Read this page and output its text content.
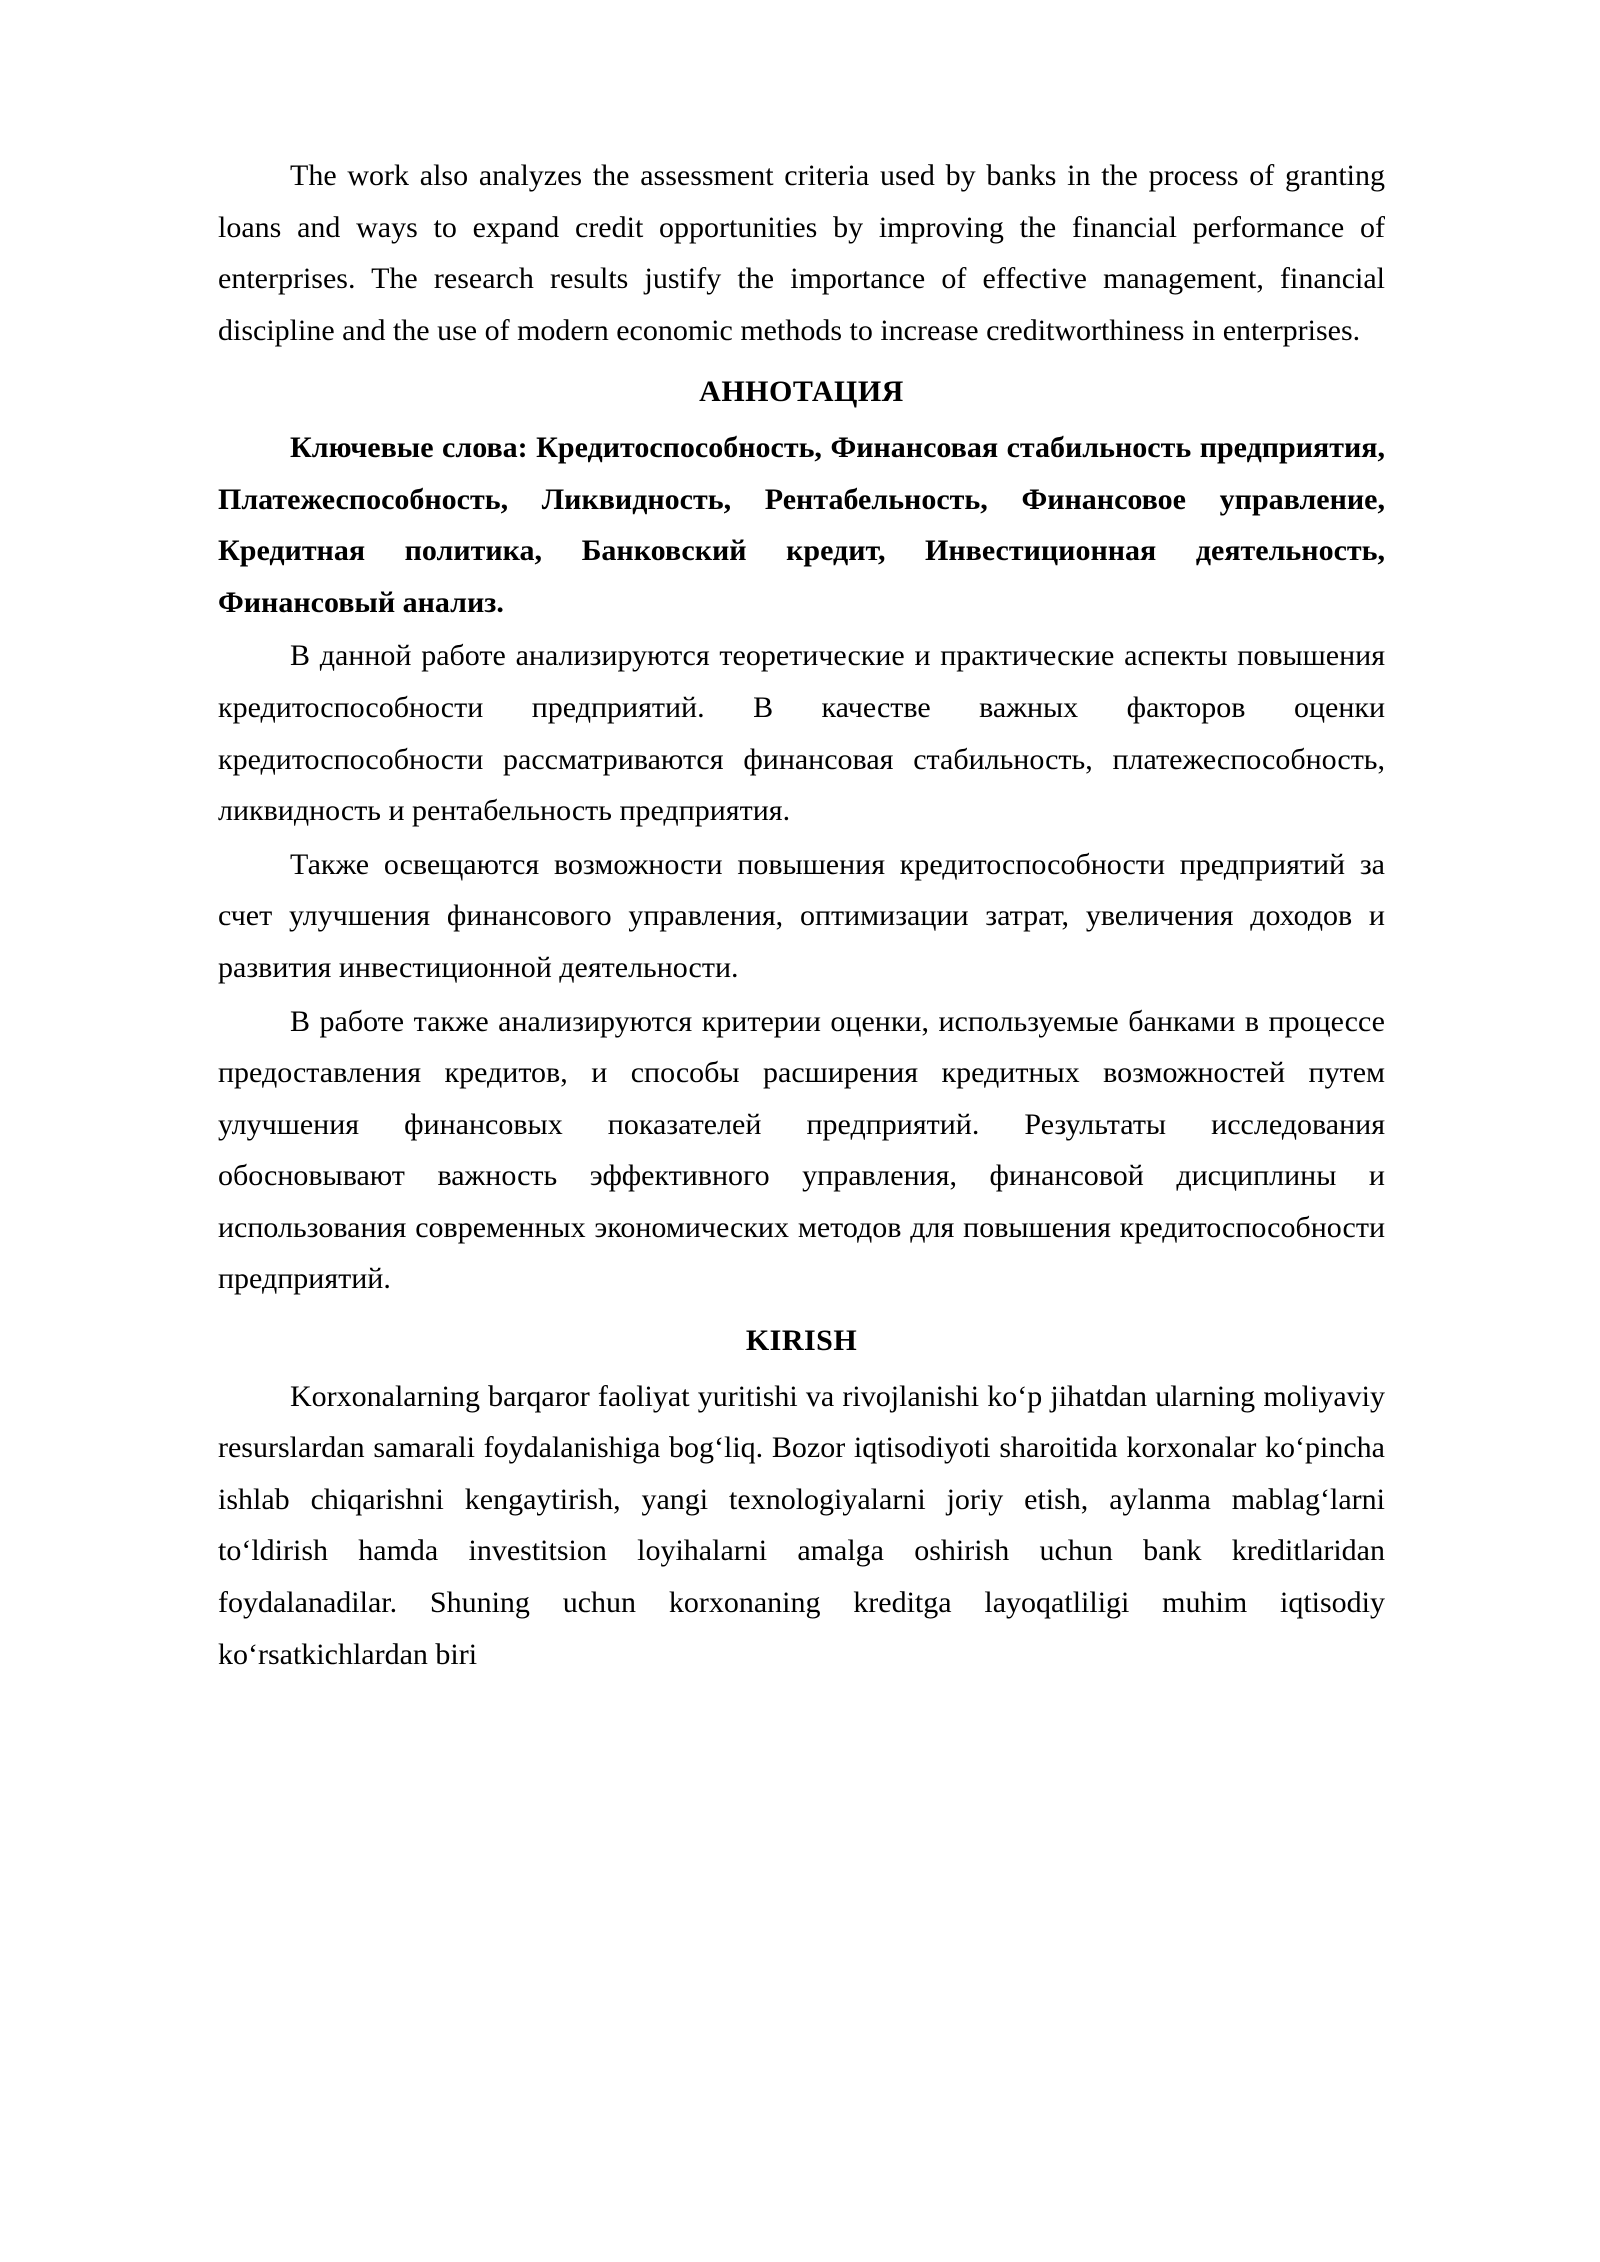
The work also analyzes the assessment criteria used by banks in the process of granting loans and ways to expand credit opportunities by improving the financial performance of enterprises. The research results justify the importance of effective management, financial discipline and the use of modern economic methods to increase creditworthiness in enterprises.

АННОТАЦИЯ

Ключевые слова: Кредитоспособность, Финансовая стабильность предприятия, Платежеспособность, Ликвидность, Рентабельность, Финансовое управление, Кредитная политика, Банковский кредит, Инвестиционная деятельность, Финансовый анализ.

В данной работе анализируются теоретические и практические аспекты повышения кредитоспособности предприятий. В качестве важных факторов оценки кредитоспособности рассматриваются финансовая стабильность, платежеспособность, ликвидность и рентабельность предприятия.

Также освещаются возможности повышения кредитоспособности предприятий за счет улучшения финансового управления, оптимизации затрат, увеличения доходов и развития инвестиционной деятельности.

В работе также анализируются критерии оценки, используемые банками в процессе предоставления кредитов, и способы расширения кредитных возможностей путем улучшения финансовых показателей предприятий. Результаты исследования обосновывают важность эффективного управления, финансовой дисциплины и использования современных экономических методов для повышения кредитоспособности предприятий.

KIRISH

Korxonalarning barqaror faoliyat yuritishi va rivojlanishi ko‘p jihatdan ularning moliyaviy resurslardan samarali foydalanishiga bog‘liq. Bozor iqtisodiyoti sharoitida korxonalar ko‘pincha ishlab chiqarishni kengaytirish, yangi texnologiyalarni joriy etish, aylanma mablag‘larni to‘ldirish hamda investitsion loyihalarni amalga oshirish uchun bank kreditlaridan foydalanadilar. Shuning uchun korxonaning kreditga layoqatliligi muhim iqtisodiy ko‘rsatkichlardan biri
